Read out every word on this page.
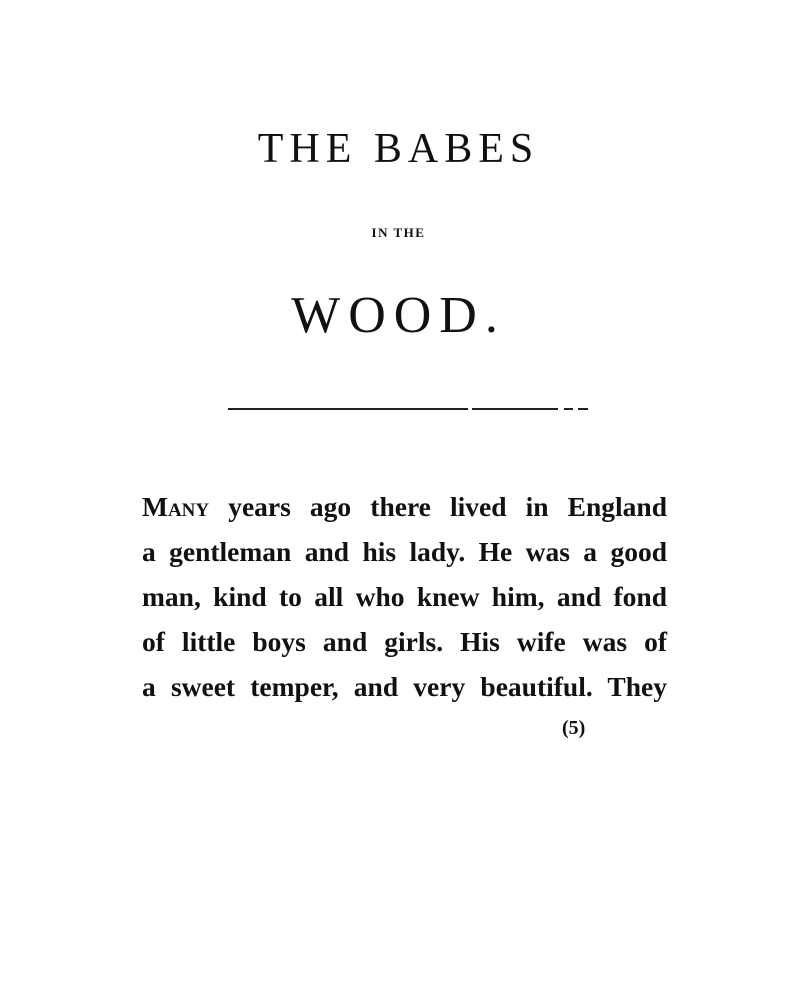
THE BABES
IN THE
WOOD.
Many years ago there lived in England
a gentleman and his lady. He was a good
man, kind to all who knew him, and fond
of little boys and girls. His wife was of
a sweet temper, and very beautiful. They
(5)
